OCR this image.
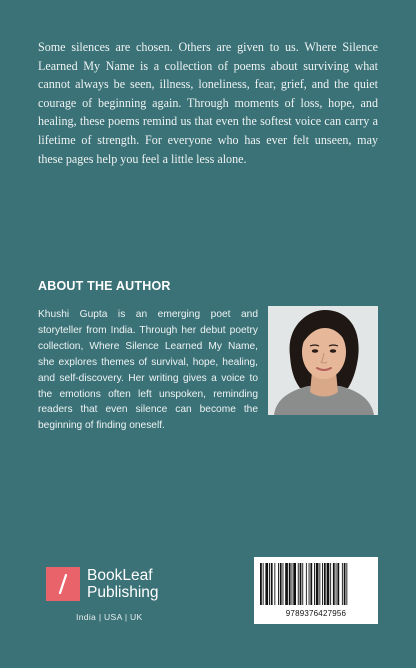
Some silences are chosen. Others are given to us. Where Silence Learned My Name is a collection of poems about surviving what cannot always be seen, illness, loneliness, fear, grief, and the quiet courage of beginning again. Through moments of loss, hope, and healing, these poems remind us that even the softest voice can carry a lifetime of strength. For everyone who has ever felt unseen, may these pages help you feel a little less alone.

ABOUT THE AUTHOR

Khushi Gupta is an emerging poet and storyteller from India. Through her debut poetry collection, Where Silence Learned My Name, she explores themes of survival, hope, healing, and self-discovery. Her writing gives a voice to the emotions often left unspoken, reminding readers that even silence can become the beginning of finding oneself.

BookLeaf
Publishing
India | USA | UK	9789376427956
